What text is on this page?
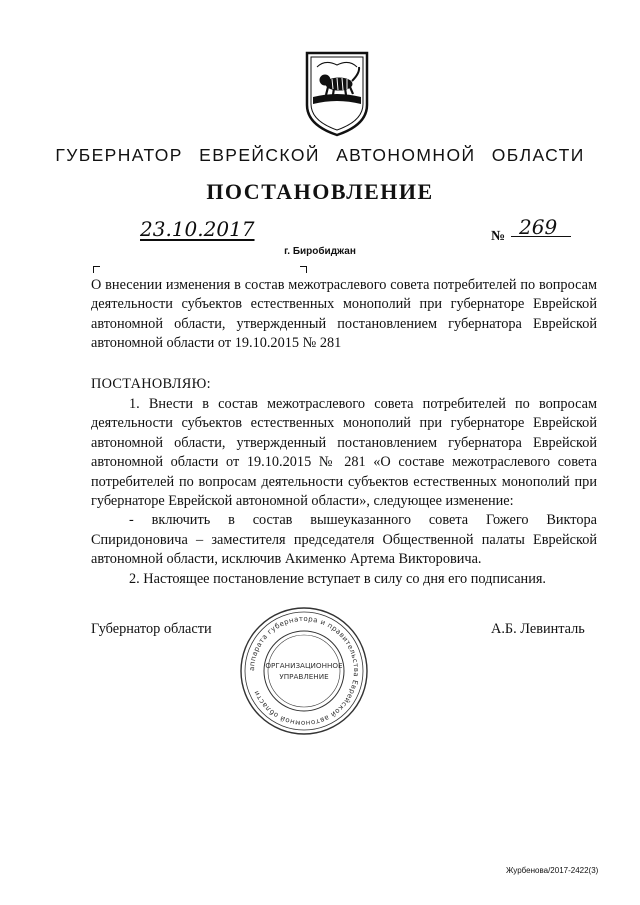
ГУБЕРНАТОР ЕВРЕЙСКОЙ АВТОНОМНОЙ ОБЛАСТИ
ПОСТАНОВЛЕНИЕ
23.10.2017	№ 269
г. Биробиджан
О внесении изменения в состав межотраслевого совета потребителей по вопросам деятельности субъектов естественных монополий при губернаторе Еврейской автономной области, утвержденный постановлением губернатора Еврейской автономной области от 19.10.2015 № 281
ПОСТАНОВЛЯЮ:

1. Внести в состав межотраслевого совета потребителей по вопросам деятельности субъектов естественных монополий при губернаторе Еврейской автономной области, утвержденный постановлением губернатора Еврейской автономной области от 19.10.2015 № 281 «О составе межотраслевого совета потребителей по вопросам деятельности субъектов естественных монополий при губернаторе Еврейской автономной области», следующее изменение:

- включить в состав вышеуказанного совета Гожего Виктора Спиридоновича – заместителя председателя Общественной палаты Еврейской автономной области, исключив Акименко Артема Викторовича.

2. Настоящее постановление вступает в силу со дня его подписания.

Губернатор области	А.Б. Левинталь
аппарата губернатора и правительства Еврейской автономной области
ОРГАНИЗАЦИОННОЕ
УПРАВЛЕНИЕ
Журбенова/2017-2422(3)
